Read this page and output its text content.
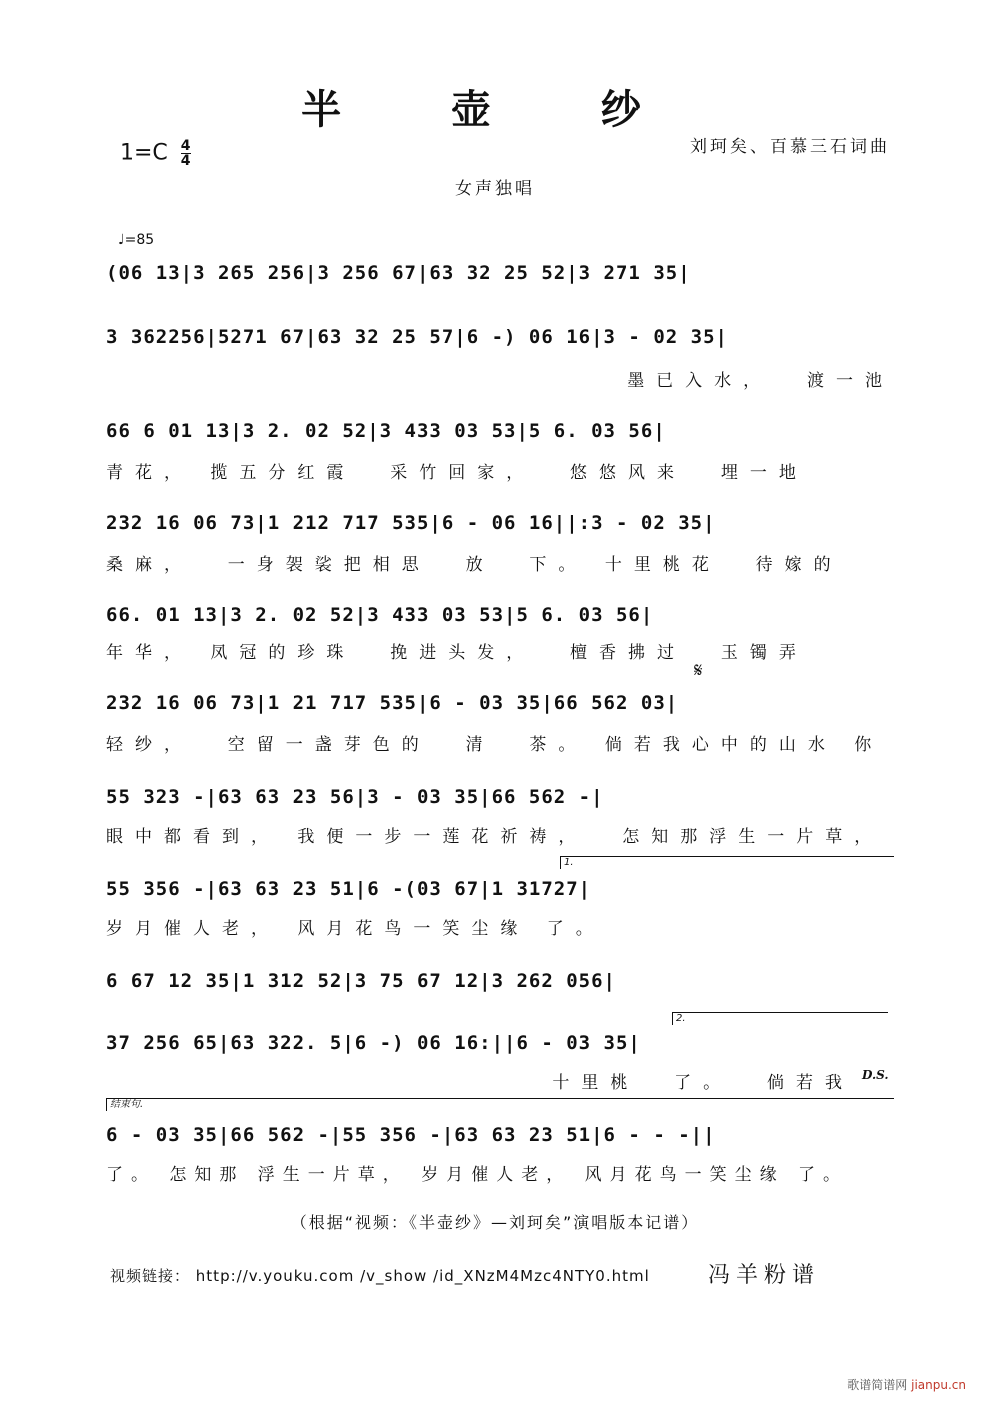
半 壶 纱
$1=C \frac{4}{4}$	刘珂矣、百慕三石词曲
女声独唱
♩=85
(06 13|3 265 256|3 256 67|63 32 25 52|3 271 35|
3 362256|5271 67|63 32 25 57|6 -) 06 16|3 - 02 35|
墨已入水，  渡一池
66 6 01 13|3 2. 02 52|3 433 03 53|5 6. 03 56|
青花， 揽五分红霞  采竹回家，  悠悠风来  埋一地
232 16 06 73|1 212 717 535|6 - 06 16||:3 - 02 35|
桑麻，  一身袈裟把相思  放  下。 十里桃花  待嫁的
66. 01 13|3 2. 02 52|3 433 03 53|5 6. 03 56|
年华， 凤冠的珍珠  挽进头发，  檀香拂过  玉镯弄
𝄋
232 16 06 73|1 21 717 535|6 - 03 35|66 562 03|
轻纱，  空留一盏芽色的  清  茶。 倘若我心中的山水 你
55 323 -|63 63 23 56|3 - 03 35|66 562 -|
眼中都看到， 我便一步一莲花祈祷，  怎知那浮生一片草，
1.
55 356 -|63 63 23 51|6 -(03 67|1 31727|
岁月催人老， 风月花鸟一笑尘缘 了。
6 67 12 35|1 312 52|3 75 67 12|3 262 056|
2.
37 256 65|63 322. 5|6 -) 06 16:||6 - 03 35|
十里桃  了。  倘若我 D.S.
结束句.
6 - 03 35|66 562 -|55 356 -|63 63 23 51|6 - - -||
了。 怎知那 浮生一片草， 岁月催人老， 风月花鸟一笑尘缘 了。
（根据“视频：《半壶纱》—刘珂矣”演唱版本记谱）
视频链接： http://v.youku.com /v_show /id_XNzM4Mzc4NTY0.html	冯羊粉谱
歌谱简谱网 jianpu.cn
